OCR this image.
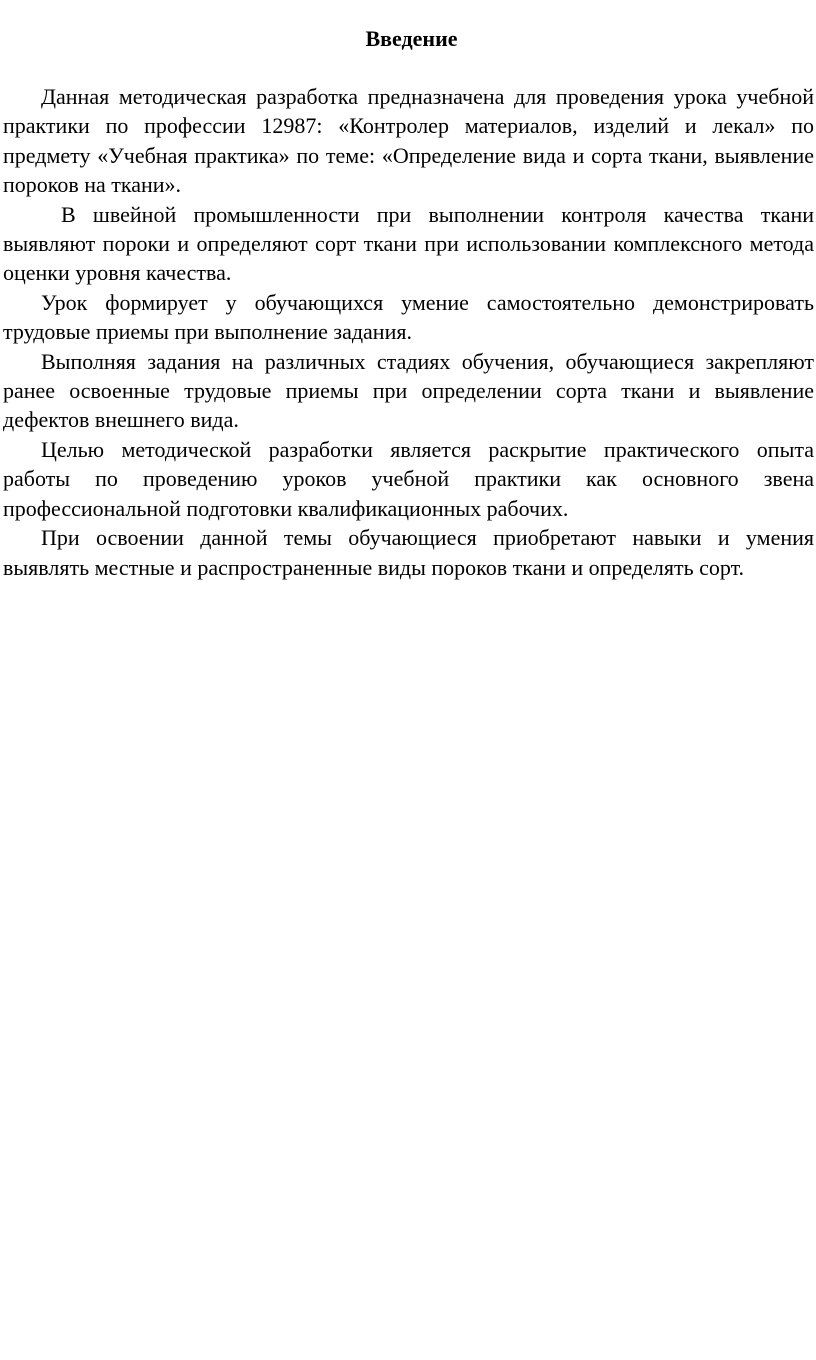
Введение

Данная методическая разработка предназначена для проведения урока учебной практики по профессии 12987: «Контролер материалов, изделий и лекал» по предмету «Учебная практика» по теме: «Определение вида и сорта ткани, выявление пороков на ткани».

В швейной промышленности при выполнении контроля качества ткани выявляют пороки и определяют сорт ткани при использовании комплексного метода оценки уровня качества.

Урок формирует у обучающихся умение самостоятельно демонстрировать трудовые приемы при выполнение задания.

Выполняя задания на различных стадиях обучения, обучающиеся закрепляют ранее освоенные трудовые приемы при определении сорта ткани и выявление дефектов внешнего вида.

Целью методической разработки является раскрытие практического опыта работы по проведению уроков учебной практики как основного звена профессиональной подготовки квалификационных рабочих.

При освоении данной темы обучающиеся приобретают навыки и умения выявлять местные и распространенные виды пороков ткани и определять сорт.
